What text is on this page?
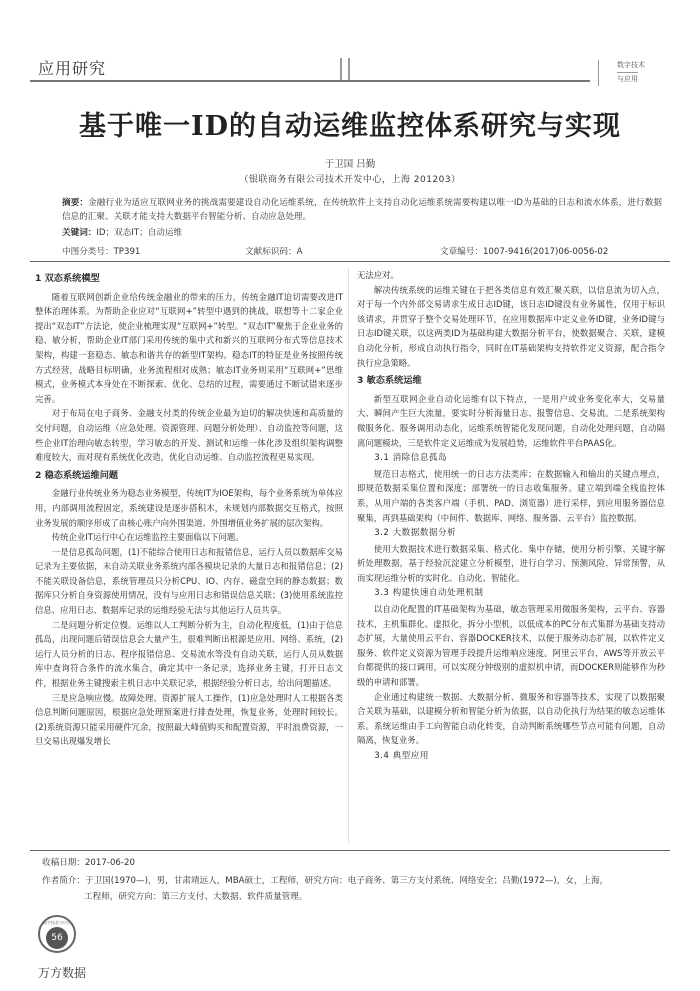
应用研究	数字技术
与应用
基于唯一ID的自动运维监控体系研究与实现
于卫国 吕勤
（银联商务有限公司技术开发中心，上海 201203）
摘要：金融行业为适应互联网业务的挑战需要建设自动化运维系统，在传统软件上支持自动化运维系统需要构建以唯一ID为基础的日志和流水体系，进行数据信息的汇聚、关联才能支持大数据平台智能分析、自动应急处理。
关键词：ID；双态IT；自动运维
中图分类号：TP391	文献标识码：A	文章编号：1007-9416(2017)06-0056-02
1 双态系统模型

随着互联网创新企业给传统金融业的带来的压力，传统金融IT迫切需要改进IT整体治理体系。为帮助企业应对“互联网+”转型中遇到的挑战，联想等十二家企业提出“双态IT”方法论，使企业梳理实现“互联网+”转型。“双态IT”聚焦于企业业务的稳、敏分析，帮助企业IT部门采用传统的集中式和新兴的互联网分布式等信息技术架构，构建一套稳态、敏态和谐共存的新型IT架构。稳态IT的特征是业务按照传统方式经营，战略目标明确，业务流程相对成熟；敏态IT业务则采用“互联网+”思维模式，业务模式本身处在不断探索、优化、总结的过程，需要通过不断试错来逐步完善。

对于布局在电子商务、金融支付类的传统企业最为迫切的解决快速和高质量的交付问题，自动运维（应急处理、资源管理、问题分析处理）、自动监控等问题，这些企业IT治理向敏态转型，学习敏态的开发、测试和运维一体化涉及组织架构调整难度较大，而对现有系统优化改造，优化自动运维、自动监控流程更易实现。

2 稳态系统运维问题

金融行业传统业务为稳态业务模型，传统IT为IOE架构，每个业务系统为单体应用，内部调用流程固定，系统建设是逐步搭积木，未规划内部数据交互格式，按照业务发展的顺序形成了由核心账户向外围渠道、外围增值业务扩展的层次架构。

传统企业IT运行中心在运维监控主要面临以下问题。

一是信息孤岛问题，(1)不能综合使用日志和报错信息，运行人员以数据库交易记录为主要依据，未自动关联业务系统内部各模块记录的大量日志和报错信息；(2)不能关联设备信息，系统管理员只分析CPU、IO、内存、磁盘空间的静态数据；数据库只分析自身资源使用情况，没有与应用日志和错误信息关联；(3)使用系统监控信息、应用日志、数据库记录的运维经验无法与其他运行人员共享。

二是问题分析定位慢。运维以人工判断分析为主，自动化程度低，(1)由于信息孤岛，出现问题后错误信息会大量产生，很难判断出根源是应用、网络、系统，(2)运行人员分析的日志、程序报错信息、交易流水等没有自动关联，运行人员从数据库中查询符合条件的流水集合，确定其中一条记录，选择业务主键，打开日志文件，根据业务主键搜索主机日志中关联记录，根据经验分析日志，给出问题描述。

三是应急响应慢。故障处理、资源扩展人工操作，(1)应急处理时人工根据各类信息判断问题原因，根据应急处理预案进行排查处理，恢复业务，处理时间较长。(2)系统资源只能采用硬件冗余，按照最大峰值购买和配置资源，平时浪费资源，一旦交易出现爆发增长

无法应对。

解决传统系统的运维关键在于把各类信息有效汇聚关联，以信息流为切入点，对于每一个内外部交易请求生成日志ID键，该日志ID键没有业务属性，仅用于标识该请求，并贯穿于整个交易处理环节，在应用数据库中定义业务ID键，业务ID键与日志ID键关联，以这两类ID为基础构建大数据分析平台，使数据聚合、关联，建模自动化分析，形成自动执行指令，同时在IT基础架构支持软件定义资源，配合指令执行应急策略。

3 敏态系统运维

新型互联网企业自动化运维有以下特点，一是用户或业务变化率大，交易量大、瞬间产生巨大流量，要实时分析海量日志、报警信息、交易流。二是系统架构微服务化、服务调用动态化，运维系统智能化发现问题，自动化处理问题，自动隔离问题模块，三是软件定义运维成为发展趋势，运维软件平台PAAS化。

3.1 消除信息孤岛

规范日志格式，使用统一的日志方法类库；在数据输入和输出的关键点埋点，即规范数据采集位置和深度；部署统一的日志收集服务。建立端到端全栈监控体系，从用户端的各类客户端（手机、PAD、浏览器）进行采样，到应用服务器信息聚集，再到基础架构（中间件、数据库、网络、服务器、云平台）监控数据。

3.2 大数据数据分析

使用大数据技术进行数据采集、格式化、集中存储，使用分析引擎、关键字解析处理数据，基于经验沉淀建立分析模型，进行自学习、预测风险、异常预警，从而实现运维分析的实时化、自动化、智能化。

3.3 构建快速自动处理机制

以自动化配置的IT基础架构为基础，敏态管理采用微服务架构，云平台、容器技术，主机集群化、虚拟化，拆分小型机，以低成本的PC分布式集群为基础支持动态扩展，大量使用云平台、容器DOCKER技术，以便于服务动态扩展，以软件定义服务、软件定义资源为管理手段提升运维响应速度。阿里云平台，AWS等开放云平台都提供的接口调用，可以实现分钟级别的虚拟机申请，而DOCKER则能够作为秒级的申请和部署。

企业通过构建统一数据、大数据分析、微服务和容器等技术，实现了以数据聚合关联为基础，以建模分析和智能分析为依据，以自动化执行为结果的敏态运维体系。系统运维由手工向智能自动化转变，自动判断系统哪些节点可能有问题，自动隔离，恢复业务。

3.4 典型应用
收稿日期：2017-06-20
作者简介：于卫国(1970—)，男，甘肃靖远人，MBA硕士，工程师，研究方向：电子商务、第三方支付系统、网络安全；吕勤(1972—)，女，上海，
工程师，研究方向：第三方支付、大数据、软件质量管理。
数字技术与应用
56
万方数据
